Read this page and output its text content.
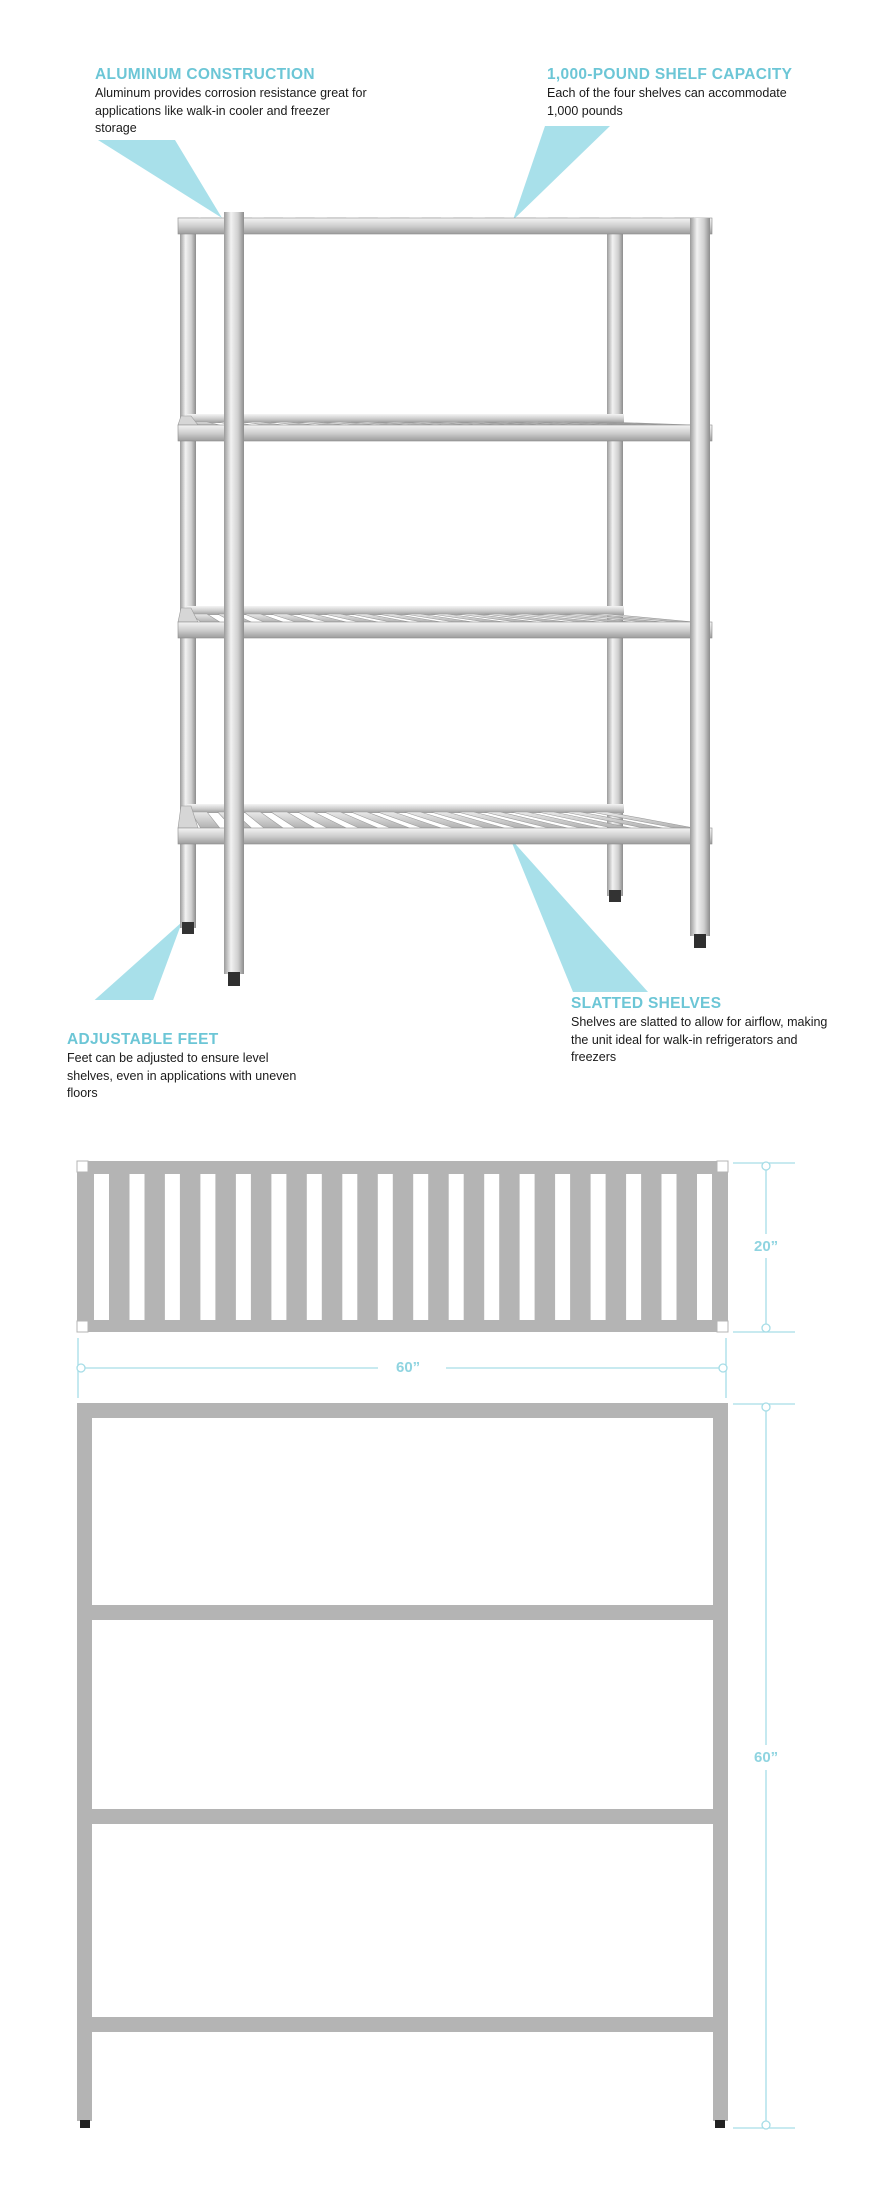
ALUMINUM CONSTRUCTION

Aluminum provides corrosion resistance great for applications like walk-in cooler and freezer storage

1,000-POUND SHELF CAPACITY

Each of the four shelves can accommodate 1,000 pounds

ADJUSTABLE FEET

Feet can be adjusted to ensure level shelves, even in applications with uneven floors

SLATTED SHELVES

Shelves are slatted to allow for airflow, making the unit ideal for walk-in refrigerators and freezers

20”
60”
60”
